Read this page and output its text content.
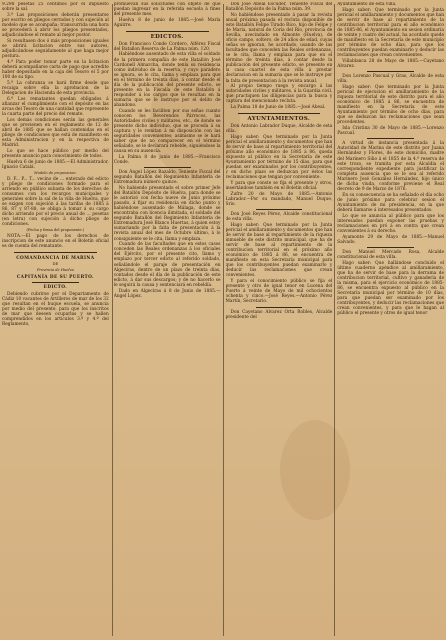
9.298 pesetas 25 céntimos por el impuesto sobre la sal.

3.ª Las proposiciones deberán presentarse por escrito en pliegos cerrados y con sujeción al modelo que se acompaña; transcurrida una hora se procederá á abrir los pliegos presentados, adjudicándose el remate al mejor postor.

Si resultasen dos ó más proposiciones iguales se abrirá licitacion entre sus autores, adjudicándose seguidamente al que haga mejor postura.

4.ª Para poder tomar parte en la licitacion deberá acompañarse carta de pago que acredite haber depositado en la caja del Tesoro el 5 por 100 de su tipo.

5.ª La cobranza se hará firme desde que recaiga sobre ella la aprobacion de la Delegacion de Hacienda de esta provincia.

6.ª Los rematantes quedan obligados á afianzar el cumplimiento con el depósito en las arcas del Tesoro de una cantidad que represente la cuarta parte del precio del remate.

Los demás condiciones serán las generales que se previenen en el reglamento de 12 de abril de 1885 que se hallan contenidas en el pliego de condiciones que está de manifiesto en esta Administracion y en la respectiva de Madrid.

Lo que se hace público por medio del presente anuncio para conocimiento de todos.

Huelva 6 de junio de 1885.—El Administrador, Ignacio Catalá.

Modelo de proposicion.

D. F... P... T... vecino de ... enterado del edicto y pliego de condiciones formado para el arriendo en público subasta de los derechos de consumos con los recargos municipales y generales sobre la sal de la villa de Huelva, que se exigen con sujeción á las tarifas de 1885 á 86, 87 y 87-88, se obliga á tomar á su cargo dicho arriendo por el precio anual de ... pesetas (en letra) con sujeción á dicho pliego de condiciones.

(Fecha y firma del proponente.)

NOTA.—El pago de los derechos de inscripcion de este anuncio en el Boletín oficial es de cuenta del rematante.

COMANDANCIA DE MARINA

DE

Provincia de Huelva

CAPITANÍA DE SU PUERTO.

EDICTO.

Debiendo cubrirse por el Departamento de Cádiz 10 vacantes de Artilleros de mar de los 32 que resultan en el buque escuela, se anuncia por medio del presente, para que los inscritos de mar que deseen ocuparlas y se hallen comprendidos en los artículos 3.º y 4.º del Reglamento,

promuevan sus solicitudes con objeto de que puedan ingresar en la referida escuela á fines del presente mes.

Huelva 8 de junio de 1885.—José María Aguirre.

EDICTOS.

Don Francisco Conde Cordero, Alférez Fiscal del Batallon Reserva de La Palma núm. 120.

Habiéndose ausentado de esta villa el soldado de la primera compañía de este Batallón José Cardonell Almarcha, donde tenía su residencia como individuo de la reserva, y cuyo paradero se ignora, se le cita, llama y emplaza para que en el término de treinta días, á contar desde el día de la publicación del presente edicto, se presente en la Fiscalía de este Batallón á responder á los cargos que le resultan en la sumaria que se le instruye por el delito de abandono.

Cuando se les faciliten por sus señas cuanto conocen los Reverendos Párrocos, las Autoridades civiles y militares, etc., de donde se presente dicho individuo, que se proceda á su captura y le remitan á mi disposición con las seguridades convenientes; asimismo se le hará saber que de no comparecer en el término señalado, se le declarará rebelde, siguiéndose la causa en su ausencia.

La Palma 8 de junio de 1885.—Francisco Conde.

Don Ángel López Bazaldo, Teniente Fiscal del segundo Batallón del Regimiento Infantería de Extremadura número quince.

No habiendo presentado el sobre primer Jefe del Batallón Depósito de Huelva, para donde se le autorizó con fecha nueve de Junio próximo pasado, á fijar su residencia en dicho punto y habiéndose ausentado de Málaga, donde se encontraba con licencia ilimitada, el soldado del segundo Batallón del Regimiento Infantería de Extremadura José Blanco Huertas, á quien estoy sumariando por la falta de presentación á la revista anual del mes de Octubre último, á lo consiguiente se le cita, llama y emplaza.

Cuando de las facultades que en estos casos conceden las Reales ordenanzas á los oficiales del Ejército, por el presente cito, llamo y emplazo por tercer edicto al referido soldado, señalándole el paraje de presentación en Algeciras, dentro de un plazo de treinta días, contados desde el día de la publicación de este edicto, á dar sus descargos; y de no hacerlo se le seguirá la causa y sentenciará en rebeldía.

Dado en Algeciras á 8 de Junio de 1885.—Ángel López.

Don José Abeal Escuder, Teniente Fiscal del Batallón Depósito de la Palma núm. 39.

No habiéndose presentado á pasar la revista anual próxima pasada el recluta disponible de este Batallón Felipe Tirado Rico, hijo de Felipe y de María, natural de Coria del Río, provincia de Sevilla, avecindado en Almonte (Huelva), de oficio campo, soltero, de 24 años de edad, cuyas señas se ignoran, he acordado, usando de las facultades que conceden las Reales ordenanzas, se le cita, llama y emplaza para que en el término de treinta días, á contar desde la publicación del presente edicto, se presente en la casa cuartel de esta villa á prestar declaracion en la sumaria que se le instruye por la falta de presentacion á la revista anual.

Al propio tiempo ruego y encargo á las autoridades civiles y militares, á la Guardia civil, que practiquen las diligencias para la busca y captura del mencionado recluta.

La Palma 18 de Junio de 1885.—José Abeal.

AYUNTAMIENTOS.

Don Antonio Labrador Duque, Alcalde de esta villa.

Hago saber: Que terminado por la Junta pericial el amillaramiento y documentos que han de servir de base al repartimiento territorial del próximo año económico de 1885 á 86, queda expuesto al público en la Secretaría de este Ayuntamiento por término de 15 días, para que puedan ser examinados por los contribuyentes, y en dicho plazo se deduzcan por éstos las reclamaciones que tengan por conveniente.

Y para que conste se fija el presente y otros, insertándose también en el Boletín oficial.

Zufre 20 de Mayo de 1885.—Antonio Labrador.—Por su mandado, Manuel Duque, Srio.

Don José Reyes Pérez, Alcalde constitucional de esta villa.

Hago saber: Que terminado por la Junta pericial el amillaramiento y documentos que han de servir de base al repartimiento de la riqueza inmueble de este distrito municipal, que ha de servir de base al repartimiento de la contribucion territorial en el próximo año económico de 1885 á 86, se encuentra de manifiesto en esta Secretaría municipal para que los contribuyentes puedan examinarlo y deducir las reclamaciones que crean convenientes.

Y para el conocimiento público se fija el presente y otro de igual tenor en Lucena del Puerto á veinte de Mayo de mil ochocientos ochenta y cinco.—José Reyes.—Antonio Pérez Martín, Secretario.

Don Cayetano Alvarez Orta Robles, Alcalde presidente del

Ayuntamiento de esta villa.

Hago saber: Que terminado por la Junta pericial el amillaramiento y documentos que han de servir de base al repartimiento de la contribucion territorial para el año económico de 1885-86, el Ayuntamiento en sesion ordinaria de veinte y cuatro del actual, ha acordado quede de manifiesto en la Secretaría de este municipio por término de ocho días, para que los contribuyentes puedan examinarlo y deducir las reclamaciones que crean convenientes.

Villablanca 28 de Mayo de 1885.—Cayetano Alvarez.

Don Lorenzo Pascual y Gras, Alcalde de esta villa.

Hago saber: Que terminado por la Junta pericial de ejecucion el amillaramiento de la riqueza territorial de este distrito para el año económico de 1885 á 86, se encuentra de manifiesto en la Secretaría de este Ayuntamiento por término de ocho días, para que se deduzcan las reclamaciones que sean procedentes.

Isla Cristina 30 de Mayo de 1885.—Lorenzo Pascual.

A virtud de instancia presentada á la Autoridad de Marina de este distrito por Juana Hernández y Flores, de este domicilio, madre del Marinero Silio á el 1855 de la 4.ª reserva de este trozo, se tramita por esta Alcaldía el correspondiente expediente para justificar la completa ausencia que se le sea al referido Marinero José González Hernández, hijo único de dicha viuda, conforme previene el Real decreto de 9 de Marzo de 1876.

En su consecuencia se ha señalado el día ocho de junio próximo para celebrar sesion el Ayuntamiento de mi presidencia, en la que deberá llamarse á interesados presentados.

Lo que se anuncia al público para que los interesados puedan exponer las pruebas y reclamaciones en pró á en contra que crean convenientes á su derecho.

Ayamonte 29 de Mayo de 1885.—Manuel Salvado.

Don Manuel Mercado Rosa, Alcalde constitucional de esta villa.

Hago saber: Que hallándose concluido el último cuaderno apéndice al amillaramiento, que ha de servir de base para la derrama de contribucion territorial, cultivo y ganadería de la misma, para el ejercicio económico de 1885-86, se encuentra expuesto al público en la Secretaría municipal por término de 10 días, para que puedan ser examinado por los contribuyentes, y deducir las reclamaciones que crean convenientes, y para que le hagan al público el presente y otros de igual tenor
